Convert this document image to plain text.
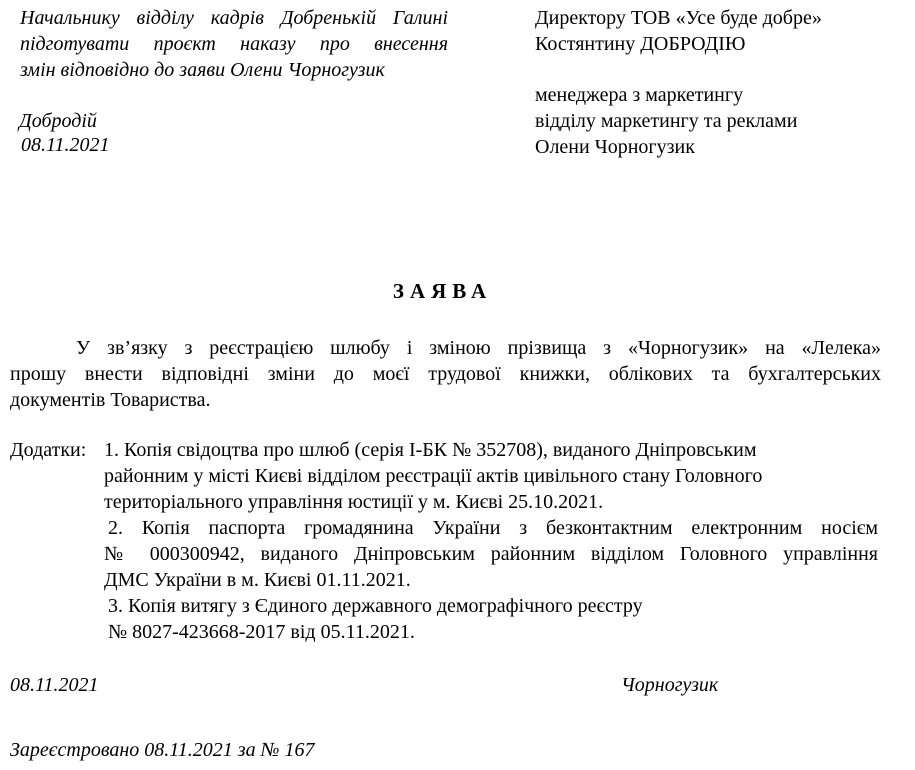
Начальнику відділу кадрів Добренькій Галині
підготувати проєкт наказу про внесення
змін відповідно до заяви Олени Чорногузик
Добродій
08.11.2021
Директору ТОВ «Усе буде добре»
Костянтину ДОБРОДІЮ
менеджера з маркетингу
відділу маркетингу та реклами
Олени Чорногузик
ЗАЯВА
У зв’язку з реєстрацією шлюбу і зміною прізвища з «Чорногузик» на «Лелека»
прошу внести відповідні зміни до моєї трудової книжки, облікових та бухгалтерських
документів Товариства.
Додатки: 1. Копія свідоцтва про шлюб (серія І-БК № 352708), виданого Дніпровським
районним у місті Києві відділом реєстрації актів цивільного стану Головного
територіального управління юстиції у м. Києві 25.10.2021.
2. Копія паспорта громадянина України з безконтактним електронним носієм
№ 000300942, виданого Дніпровським районним відділом Головного управління
ДМС України в м. Києві 01.11.2021.
3. Копія витягу з Єдиного державного демографічного реєстру
№ 8027-423668-2017 від 05.11.2021.
08.11.2021	Чорногузик
Зареєстровано 08.11.2021 за № 167
